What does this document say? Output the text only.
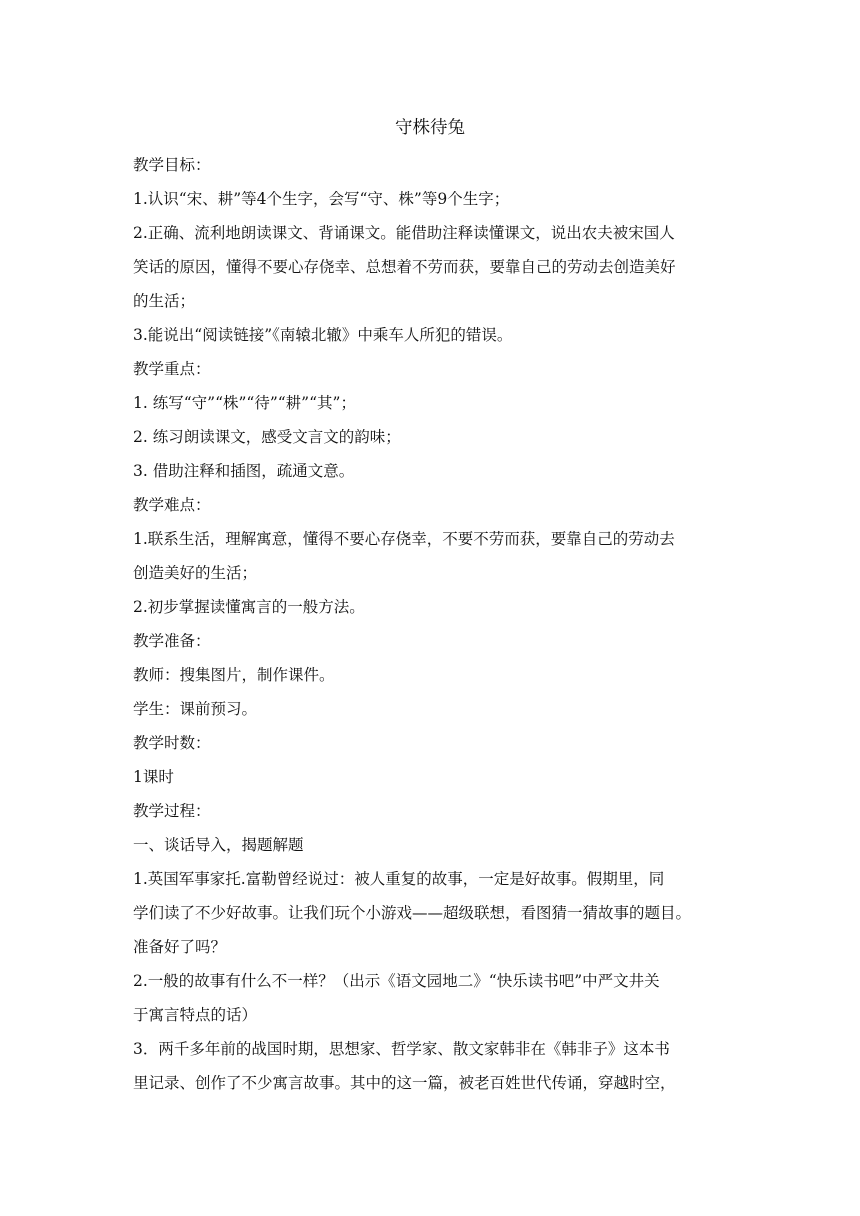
守株待兔
教学目标：
1.认识“宋、耕”等4个生字，会写“守、株”等9个生字；
2.正确、流利地朗读课文、背诵课文。能借助注释读懂课文，说出农夫被宋国人
笑话的原因，懂得不要心存侥幸、总想着不劳而获，要靠自己的劳动去创造美好
的生活；
3.能说出“阅读链接”《南辕北辙》中乘车人所犯的错误。
教学重点：
1. 练写“守”“株”“待”“耕”“其”；
2. 练习朗读课文，感受文言文的韵味；
3. 借助注释和插图，疏通文意。
教学难点：
1.联系生活，理解寓意，懂得不要心存侥幸，不要不劳而获，要靠自己的劳动去
创造美好的生活；
2.初步掌握读懂寓言的一般方法。
教学准备：
教师：搜集图片，制作课件。
学生：课前预习。
教学时数：
1课时
教学过程：
一、谈话导入，揭题解题
1.英国军事家托.富勒曾经说过：被人重复的故事，一定是好故事。假期里，同
学们读了不少好故事。让我们玩个小游戏——超级联想，看图猜一猜故事的题目。
准备好了吗？
2.一般的故事有什么不一样？（出示《语文园地二》“快乐读书吧”中严文井关
于寓言特点的话）
3．两千多年前的战国时期，思想家、哲学家、散文家韩非在《韩非子》这本书
里记录、创作了不少寓言故事。其中的这一篇，被老百姓世代传诵，穿越时空，
